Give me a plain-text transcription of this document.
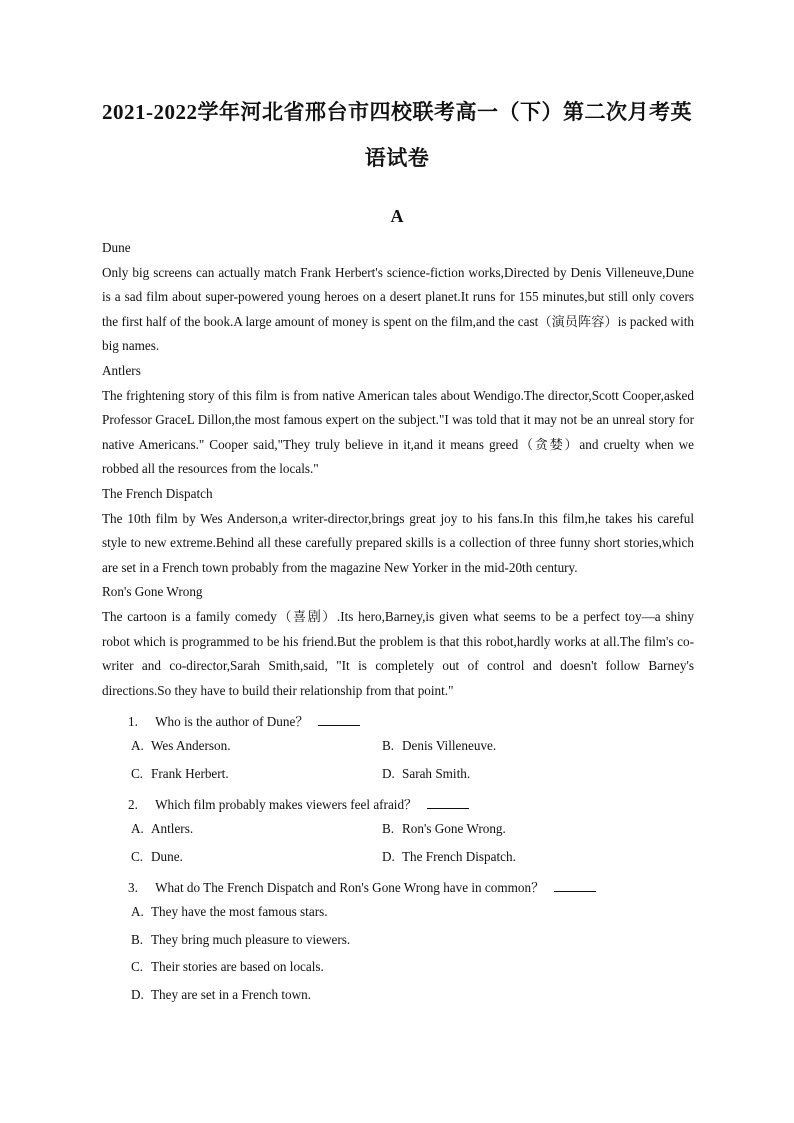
2021-2022学年河北省邢台市四校联考高一（下）第二次月考英
语试卷
A

Dune

Only big screens can actually match Frank Herbert's science-fiction works,Directed by Denis Villeneuve,Dune is a sad film about super-powered young heroes on a desert planet.It runs for 155 minutes,but still only covers the first half of the book.A large amount of money is spent on the film,and the cast（演员阵容）is packed with big names.

Antlers

The frightening story of this film is from native American tales about Wendigo.The director,Scott Cooper,asked Professor GraceL Dillon,the most famous expert on the subject."I was told that it may not be an unreal story for native Americans." Cooper said,"They truly believe in it,and it means greed（贪婪）and cruelty when we robbed all the resources from the locals."

The French Dispatch

The 10th film by Wes Anderson,a writer-director,brings great joy to his fans.In this film,he takes his careful style to new extreme.Behind all these carefully prepared skills is a collection of three funny short stories,which are set in a French town probably from the magazine New Yorker in the mid-20th century.

Ron's Gone Wrong

The cartoon is a family comedy（喜剧）.Its hero,Barney,is given what seems to be a perfect toy—a shiny robot which is programmed to be his friend.But the problem is that this robot,hardly works at all.The film's co-writer and co-director,Sarah Smith,said, "It is completely out of control and doesn't follow Barney's directions.So they have to build their relationship from that point."

1. Who is the author of Dune？
A. Wes Anderson.	B. Denis Villeneuve.
C. Frank Herbert.	D. Sarah Smith.
2. Which film probably makes viewers feel afraid？
A. Antlers.	B. Ron's Gone Wrong.
C. Dune.	D. The French Dispatch.
3. What do The French Dispatch and Ron's Gone Wrong have in common？
A. They have the most famous stars.
B. They bring much pleasure to viewers.
C. Their stories are based on locals.
D. They are set in a French town.
